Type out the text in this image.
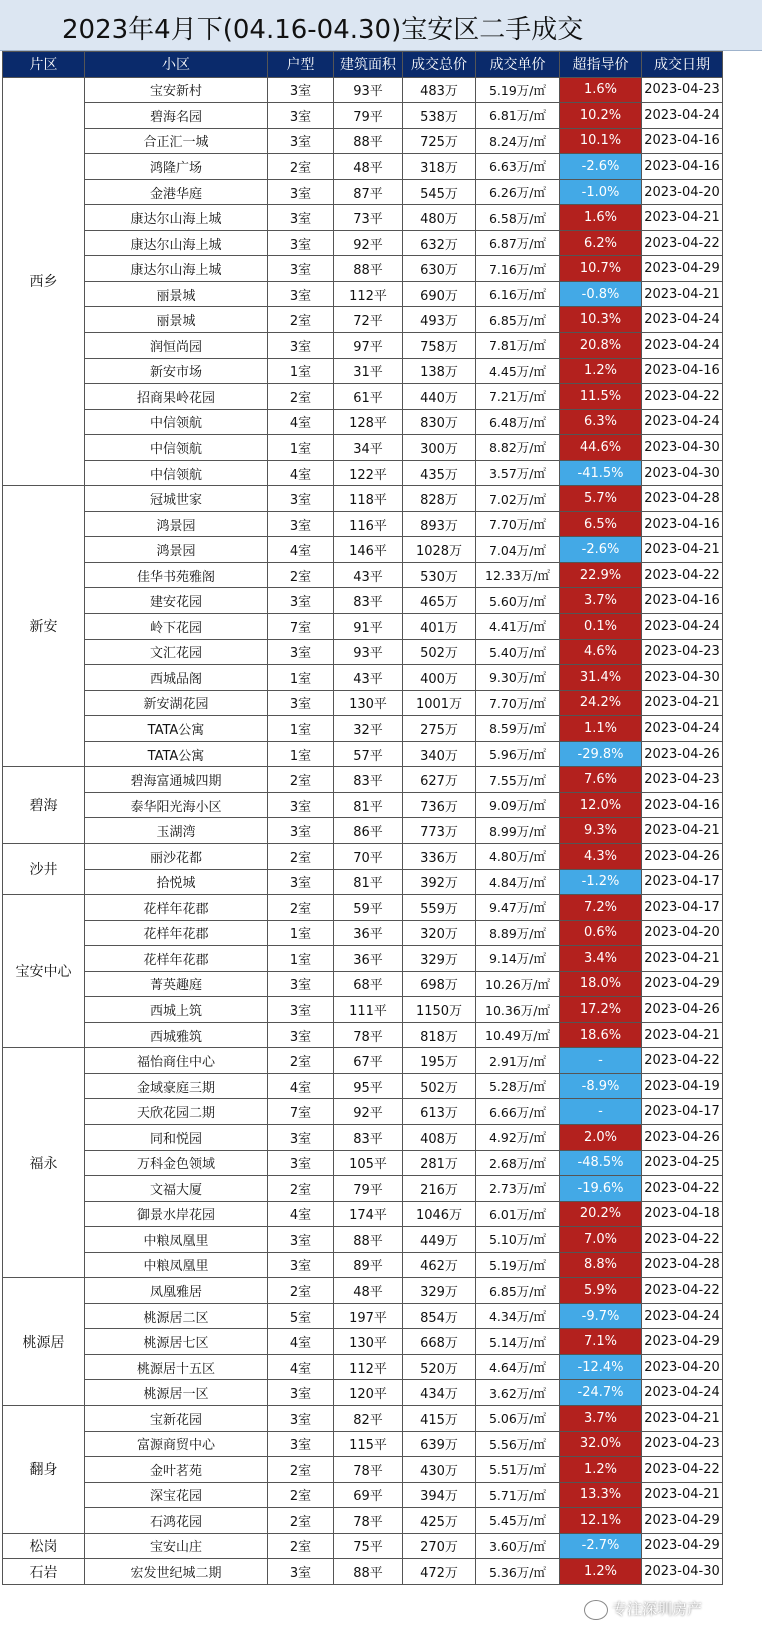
2023年4月下(04.16-04.30)宝安区二手成交
片区	小区	户型	建筑面积	成交总价	成交单价	超指导价	成交日期
西乡	宝安新村	3室	93平	483万	5.19万/㎡	1.6%	2023-04-23
	碧海名园	3室	79平	538万	6.81万/㎡	10.2%	2023-04-24
	合正汇一城	3室	88平	725万	8.24万/㎡	10.1%	2023-04-16
	鸿隆广场	2室	48平	318万	6.63万/㎡	-2.6%	2023-04-16
	金港华庭	3室	87平	545万	6.26万/㎡	-1.0%	2023-04-20
	康达尔山海上城	3室	73平	480万	6.58万/㎡	1.6%	2023-04-21
	康达尔山海上城	3室	92平	632万	6.87万/㎡	6.2%	2023-04-22
	康达尔山海上城	3室	88平	630万	7.16万/㎡	10.7%	2023-04-29
	丽景城	3室	112平	690万	6.16万/㎡	-0.8%	2023-04-21
	丽景城	2室	72平	493万	6.85万/㎡	10.3%	2023-04-24
	润恒尚园	3室	97平	758万	7.81万/㎡	20.8%	2023-04-24
	新安市场	1室	31平	138万	4.45万/㎡	1.2%	2023-04-16
	招商果岭花园	2室	61平	440万	7.21万/㎡	11.5%	2023-04-22
	中信领航	4室	128平	830万	6.48万/㎡	6.3%	2023-04-24
	中信领航	1室	34平	300万	8.82万/㎡	44.6%	2023-04-30
	中信领航	4室	122平	435万	3.57万/㎡	-41.5%	2023-04-30
新安	冠城世家	3室	118平	828万	7.02万/㎡	5.7%	2023-04-28
	鸿景园	3室	116平	893万	7.70万/㎡	6.5%	2023-04-16
	鸿景园	4室	146平	1028万	7.04万/㎡	-2.6%	2023-04-21
	佳华书苑雅阁	2室	43平	530万	12.33万/㎡	22.9%	2023-04-22
	建安花园	3室	83平	465万	5.60万/㎡	3.7%	2023-04-16
	岭下花园	7室	91平	401万	4.41万/㎡	0.1%	2023-04-24
	文汇花园	3室	93平	502万	5.40万/㎡	4.6%	2023-04-23
	西城品阁	1室	43平	400万	9.30万/㎡	31.4%	2023-04-30
	新安湖花园	3室	130平	1001万	7.70万/㎡	24.2%	2023-04-21
	TATA公寓	1室	32平	275万	8.59万/㎡	1.1%	2023-04-24
	TATA公寓	1室	57平	340万	5.96万/㎡	-29.8%	2023-04-26
碧海	碧海富通城四期	2室	83平	627万	7.55万/㎡	7.6%	2023-04-23
	泰华阳光海小区	3室	81平	736万	9.09万/㎡	12.0%	2023-04-16
	玉湖湾	3室	86平	773万	8.99万/㎡	9.3%	2023-04-21
沙井	丽沙花都	2室	70平	336万	4.80万/㎡	4.3%	2023-04-26
	拾悦城	3室	81平	392万	4.84万/㎡	-1.2%	2023-04-17
宝安中心	花样年花郡	2室	59平	559万	9.47万/㎡	7.2%	2023-04-17
	花样年花郡	1室	36平	320万	8.89万/㎡	0.6%	2023-04-20
	花样年花郡	1室	36平	329万	9.14万/㎡	3.4%	2023-04-21
	菁英趣庭	3室	68平	698万	10.26万/㎡	18.0%	2023-04-29
	西城上筑	3室	111平	1150万	10.36万/㎡	17.2%	2023-04-26
	西城雅筑	3室	78平	818万	10.49万/㎡	18.6%	2023-04-21
福永	福怡商住中心	2室	67平	195万	2.91万/㎡	-	2023-04-22
	金域豪庭三期	4室	95平	502万	5.28万/㎡	-8.9%	2023-04-19
	天欣花园二期	7室	92平	613万	6.66万/㎡	-	2023-04-17
	同和悦园	3室	83平	408万	4.92万/㎡	2.0%	2023-04-26
	万科金色领域	3室	105平	281万	2.68万/㎡	-48.5%	2023-04-25
	文福大厦	2室	79平	216万	2.73万/㎡	-19.6%	2023-04-22
	御景水岸花园	4室	174平	1046万	6.01万/㎡	20.2%	2023-04-18
	中粮凤凰里	3室	88平	449万	5.10万/㎡	7.0%	2023-04-22
	中粮凤凰里	3室	89平	462万	5.19万/㎡	8.8%	2023-04-28
桃源居	凤凰雅居	2室	48平	329万	6.85万/㎡	5.9%	2023-04-22
	桃源居二区	5室	197平	854万	4.34万/㎡	-9.7%	2023-04-24
	桃源居七区	4室	130平	668万	5.14万/㎡	7.1%	2023-04-29
	桃源居十五区	4室	112平	520万	4.64万/㎡	-12.4%	2023-04-20
	桃源居一区	3室	120平	434万	3.62万/㎡	-24.7%	2023-04-24
翻身	宝新花园	3室	82平	415万	5.06万/㎡	3.7%	2023-04-21
	富源商贸中心	3室	115平	639万	5.56万/㎡	32.0%	2023-04-23
	金叶茗苑	2室	78平	430万	5.51万/㎡	1.2%	2023-04-22
	深宝花园	2室	69平	394万	5.71万/㎡	13.3%	2023-04-21
	石鸿花园	2室	78平	425万	5.45万/㎡	12.1%	2023-04-29
松岗	宝安山庄	2室	75平	270万	3.60万/㎡	-2.7%	2023-04-29
石岩	宏发世纪城二期	3室	88平	472万	5.36万/㎡	1.2%	2023-04-30
专注深圳房产
